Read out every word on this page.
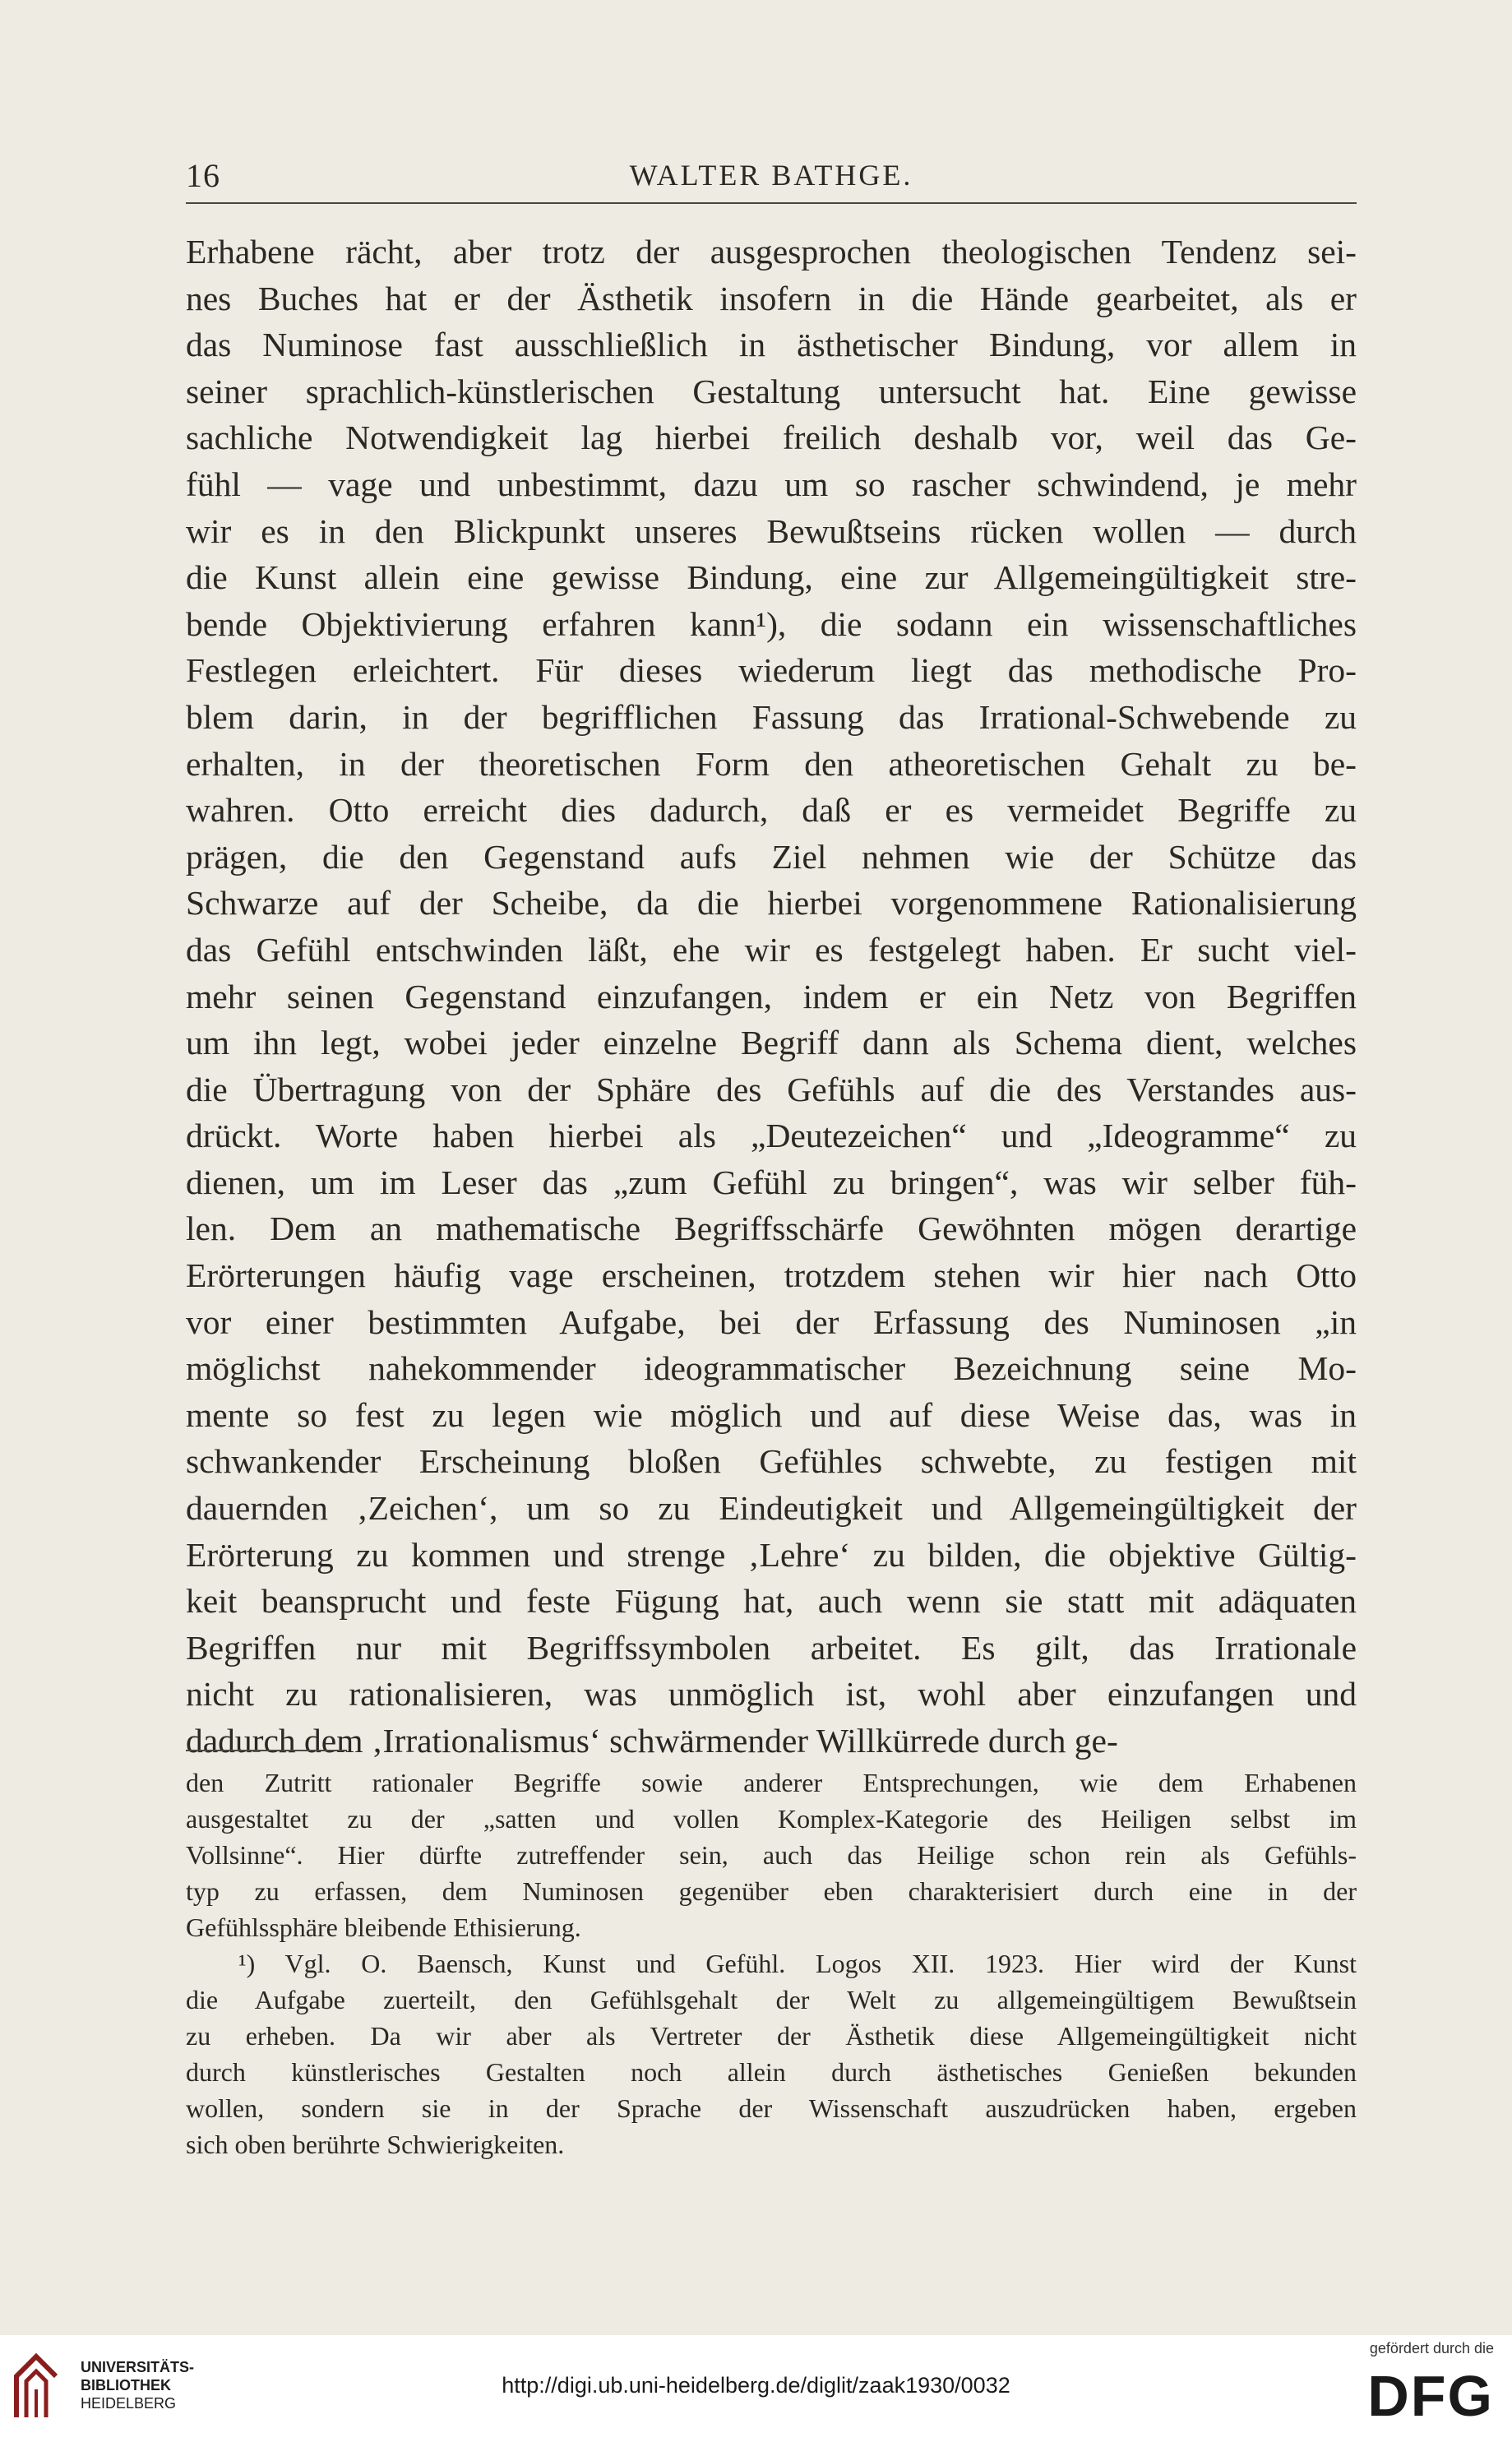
16	WALTER BATHGE.
Erhabene rächt, aber trotz der ausgesprochen theologischen Tendenz sei-
nes Buches hat er der Ästhetik insofern in die Hände gearbeitet, als er
das Numinose fast ausschließlich in ästhetischer Bindung, vor allem in
seiner sprachlich-künstlerischen Gestaltung untersucht hat. Eine gewisse
sachliche Notwendigkeit lag hierbei freilich deshalb vor, weil das Ge-
fühl — vage und unbestimmt, dazu um so rascher schwindend, je mehr
wir es in den Blickpunkt unseres Bewußtseins rücken wollen — durch
die Kunst allein eine gewisse Bindung, eine zur Allgemeingültigkeit stre-
bende Objektivierung erfahren kann¹), die sodann ein wissenschaftliches
Festlegen erleichtert. Für dieses wiederum liegt das methodische Pro-
blem darin, in der begrifflichen Fassung das Irrational-Schwebende zu
erhalten, in der theoretischen Form den atheoretischen Gehalt zu be-
wahren. Otto erreicht dies dadurch, daß er es vermeidet Begriffe zu
prägen, die den Gegenstand aufs Ziel nehmen wie der Schütze das
Schwarze auf der Scheibe, da die hierbei vorgenommene Rationalisierung
das Gefühl entschwinden läßt, ehe wir es festgelegt haben. Er sucht viel-
mehr seinen Gegenstand einzufangen, indem er ein Netz von Begriffen
um ihn legt, wobei jeder einzelne Begriff dann als Schema dient, welches
die Übertragung von der Sphäre des Gefühls auf die des Verstandes aus-
drückt. Worte haben hierbei als „Deutezeichen“ und „Ideogramme“ zu
dienen, um im Leser das „zum Gefühl zu bringen“, was wir selber füh-
len. Dem an mathematische Begriffsschärfe Gewöhnten mögen derartige
Erörterungen häufig vage erscheinen, trotzdem stehen wir hier nach Otto
vor einer bestimmten Aufgabe, bei der Erfassung des Numinosen „in
möglichst nahekommender ideogrammatischer Bezeichnung seine Mo-
mente so fest zu legen wie möglich und auf diese Weise das, was in
schwankender Erscheinung bloßen Gefühles schwebte, zu festigen mit
dauernden ‚Zeichen‘, um so zu Eindeutigkeit und Allgemeingültigkeit der
Erörterung zu kommen und strenge ‚Lehre‘ zu bilden, die objektive Gültig-
keit beansprucht und feste Fügung hat, auch wenn sie statt mit adäquaten
Begriffen nur mit Begriffssymbolen arbeitet. Es gilt, das Irrationale
nicht zu rationalisieren, was unmöglich ist, wohl aber einzufangen und
dadurch dem ‚Irrationalismus‘ schwärmender Willkürrede durch ge-
den Zutritt rationaler Begriffe sowie anderer Entsprechungen, wie dem Erhabenen
ausgestaltet zu der „satten und vollen Komplex-Kategorie des Heiligen selbst im
Vollsinne“. Hier dürfte zutreffender sein, auch das Heilige schon rein als Gefühls-
typ zu erfassen, dem Numinosen gegenüber eben charakterisiert durch eine in der
Gefühlssphäre bleibende Ethisierung.
¹) Vgl. O. Baensch, Kunst und Gefühl. Logos XII. 1923. Hier wird der Kunst
die Aufgabe zuerteilt, den Gefühlsgehalt der Welt zu allgemeingültigem Bewußtsein
zu erheben. Da wir aber als Vertreter der Ästhetik diese Allgemeingültigkeit nicht
durch künstlerisches Gestalten noch allein durch ästhetisches Genießen bekunden
wollen, sondern sie in der Sprache der Wissenschaft auszudrücken haben, ergeben
sich oben berührte Schwierigkeiten.
UNIVERSITÄTS-
BIBLIOTHEK
HEIDELBERG
http://digi.ub.uni-heidelberg.de/diglit/zaak1930/0032
gefördert durch die
DFG
